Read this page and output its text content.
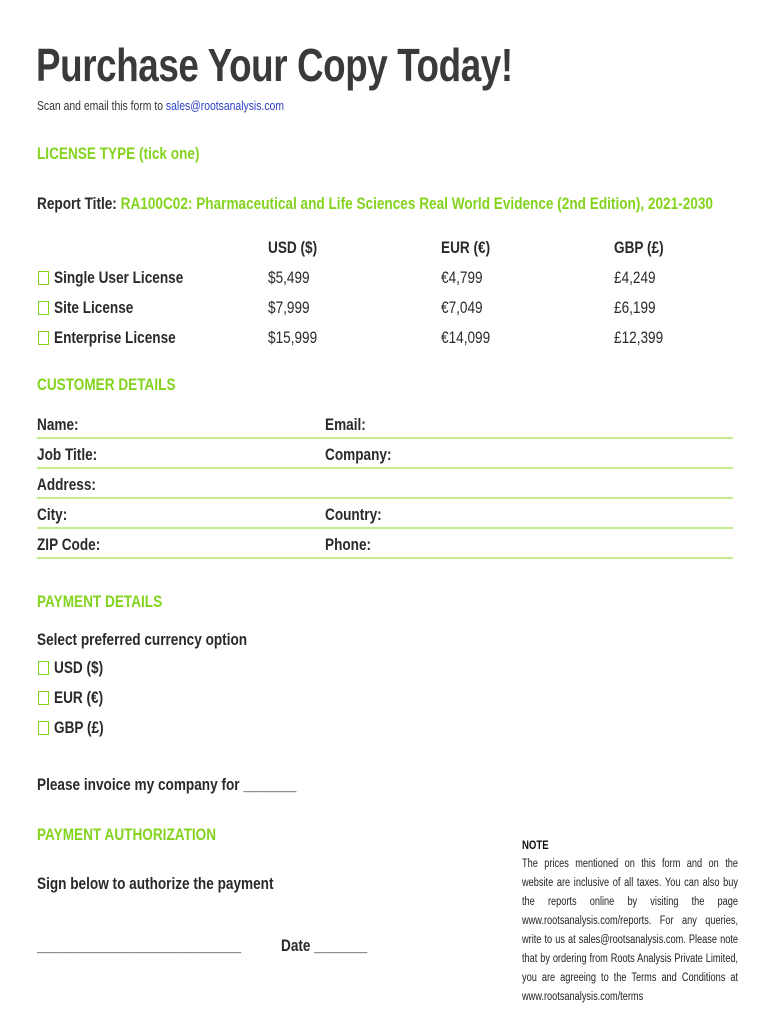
Purchase Your Copy Today!
Scan and email this form to sales@rootsanalysis.com
LICENSE TYPE (tick one)
Report Title: RA100C02: Pharmaceutical and Life Sciences Real World Evidence (2nd Edition), 2021-2030
USD ($)	EUR (€)	GBP (£)
Single User License	$5,499	€4,799	£4,249
Site License	$7,999	€7,049	£6,199
Enterprise License	$15,999	€14,099	£12,399
CUSTOMER DETAILS
Name:	Email:
Job Title:	Company:
Address:
City:	Country:
ZIP Code:	Phone:
PAYMENT DETAILS
Select preferred currency option
USD ($)
EUR (€)
GBP (£)
Please invoice my company for _______
PAYMENT AUTHORIZATION
Sign below to authorize the payment
___________________________	Date _______
NOTE
The prices mentioned on this form and on the website are inclusive of all taxes. You can also buy the reports online by visiting the page www.rootsanalysis.com/reports. For any queries, write to us at sales@rootsanalysis.com. Please note that by ordering from Roots Analysis Private Limited, you are agreeing to the Terms and Conditions at www.rootsanalysis.com/terms
